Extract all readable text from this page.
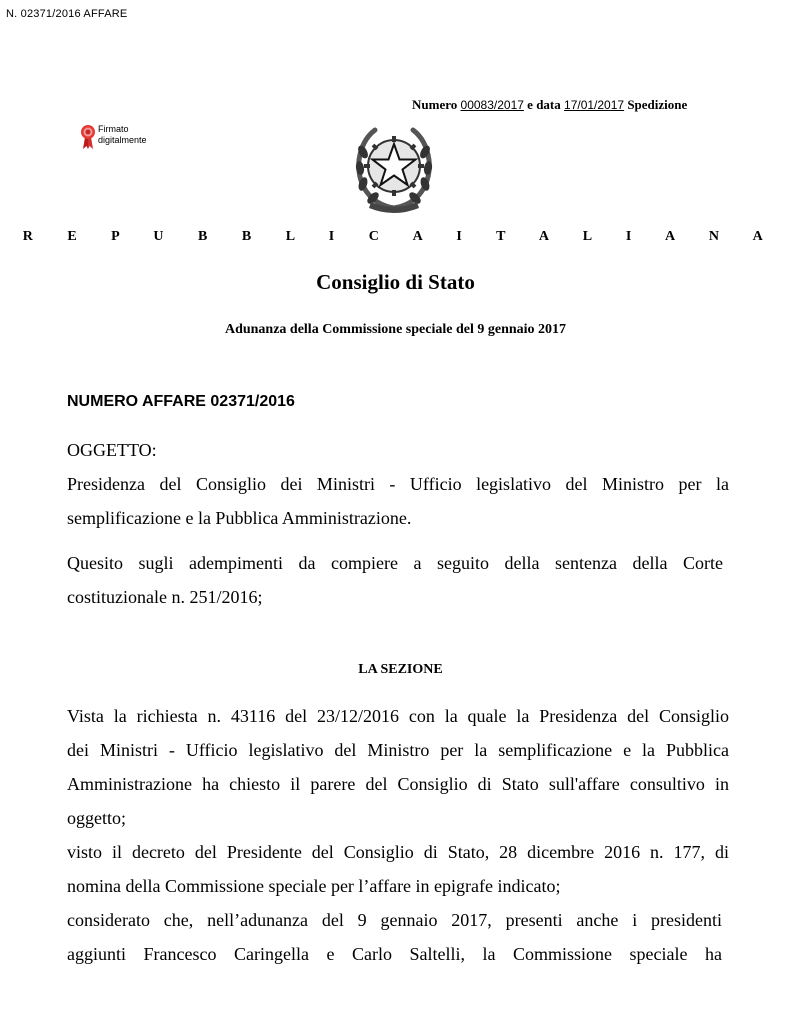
N. 02371/2016 AFFARE
Numero 00083/2017 e data 17/01/2017 Spedizione
Firmato
digitalmente
R E P U B B L I C A I T A L I A N A
Consiglio di Stato
Adunanza della Commissione speciale del 9 gennaio 2017
NUMERO AFFARE 02371/2016
OGGETTO:
Presidenza del Consiglio dei Ministri - Ufficio legislativo del Ministro per la
semplificazione e la Pubblica Amministrazione.
Quesito sugli adempimenti da compiere a seguito della sentenza della Corte
costituzionale n. 251/2016;
LA SEZIONE
Vista la richiesta n. 43116 del 23/12/2016 con la quale la Presidenza del Consiglio
dei Ministri - Ufficio legislativo del Ministro per la semplificazione e la Pubblica
Amministrazione ha chiesto il parere del Consiglio di Stato sull'affare consultivo in
oggetto;
visto il decreto del Presidente del Consiglio di Stato, 28 dicembre 2016 n. 177, di
nomina della Commissione speciale per l’affare in epigrafe indicato;
considerato che, nell’adunanza del 9 gennaio 2017, presenti anche i presidenti
aggiunti Francesco Caringella e Carlo Saltelli, la Commissione speciale ha
